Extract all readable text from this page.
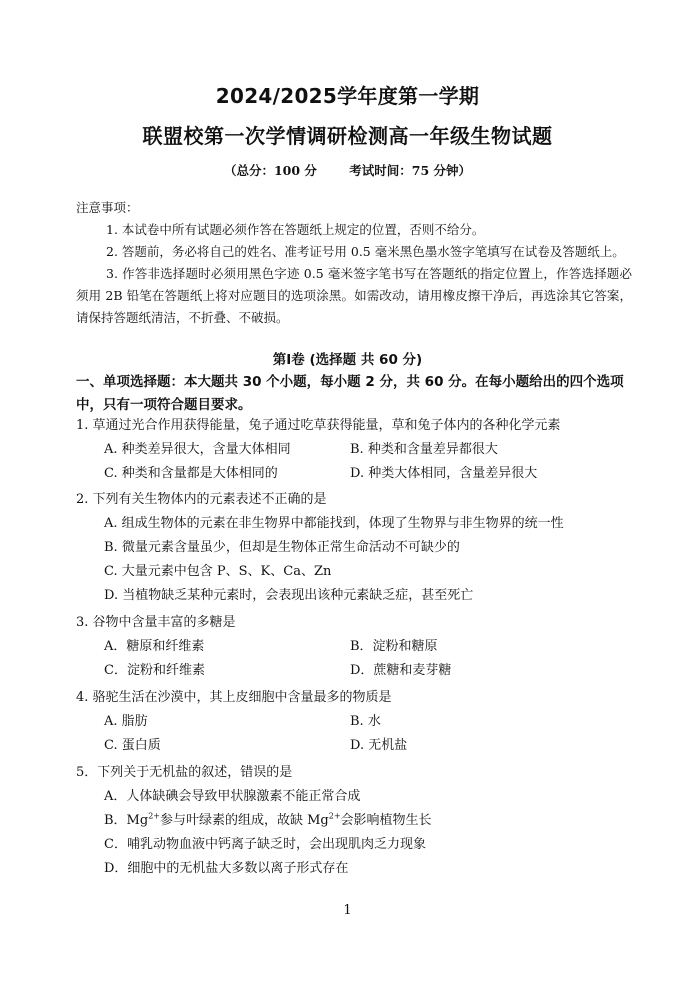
2024/2025学年度第一学期
联盟校第一次学情调研检测高一年级生物试题
（总分：100 分	考试时间：75 分钟）
注意事项：
1. 本试卷中所有试题必须作答在答题纸上规定的位置，否则不给分。
2. 答题前，务必将自己的姓名、准考证号用 0.5 毫米黑色墨水签字笔填写在试卷及答题纸上。
3. 作答非选择题时必须用黑色字迹 0.5 毫米签字笔书写在答题纸的指定位置上，作答选择题必须用 2B 铅笔在答题纸上将对应题目的选项涂黑。如需改动，请用橡皮擦干净后，再选涂其它答案，请保持答题纸清洁，不折叠、不破损。
第Ⅰ卷 (选择题 共 60 分)
一、单项选择题：本大题共 30 个小题，每小题 2 分，共 60 分。在每小题给出的四个选项中，只有一项符合题目要求。
1. 草通过光合作用获得能量，兔子通过吃草获得能量，草和兔子体内的各种化学元素
A. 种类差异很大，含量大体相同	B. 种类和含量差异都很大
C. 种类和含量都是大体相同的	D. 种类大体相同，含量差异很大
2. 下列有关生物体内的元素表述不正确的是
A. 组成生物体的元素在非生物界中都能找到，体现了生物界与非生物界的统一性
B. 微量元素含量虽少，但却是生物体正常生命活动不可缺少的
C. 大量元素中包含 P、S、K、Ca、Zn
D. 当植物缺乏某种元素时，会表现出该种元素缺乏症，甚至死亡
3. 谷物中含量丰富的多糖是
A．糖原和纤维素	B．淀粉和糖原
C．淀粉和纤维素	D．蔗糖和麦芽糖
4. 骆驼生活在沙漠中，其上皮细胞中含量最多的物质是
A. 脂肪	B. 水
C. 蛋白质	D. 无机盐
5．下列关于无机盐的叙述，错误的是
A．人体缺碘会导致甲状腺激素不能正常合成
B．$Mg^{2+}$参与叶绿素的组成，故缺 $Mg^{2+}$会影响植物生长
C．哺乳动物血液中钙离子缺乏时，会出现肌肉乏力现象
D．细胞中的无机盐大多数以离子形式存在
1
